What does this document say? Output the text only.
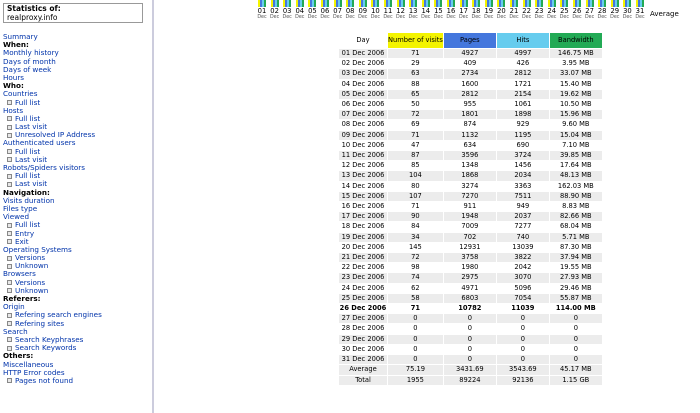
Statistics of:
realproxy.info
Summary
When:
Monthly history
Days of month
Days of week
Hours
Who:
Countries
Full list
Hosts
Full list
Last visit
Unresolved IP Address
Authenticated users
Full list
Last visit
Robots/Spiders visitors
Full list
Last visit
Navigation:
Visits duration
Files type
Viewed
Full list
Entry
Exit
Operating Systems
Versions
Unknown
Browsers
Versions
Unknown
Referers:
Origin
Refering search engines
Refering sites
Search
Search Keyphrases
Search Keywords
Others:
Miscellaneous
HTTP Error codes
Pages not found
01
Dec
02
Dec
03
Dec
04
Dec
05
Dec
06
Dec
07
Dec
08
Dec
09
Dec
10
Dec
11
Dec
12
Dec
13
Dec
14
Dec
15
Dec
16
Dec
17
Dec
18
Dec
19
Dec
20
Dec
21
Dec
22
Dec
23
Dec
24
Dec
25
Dec
26
Dec
27
Dec
28
Dec
29
Dec
30
Dec
31
Dec Average
Day	Number of visits	Pages	Hits	Bandwidth
01 Dec 2006	71	4927	4997	146.75 MB
02 Dec 2006	29	409	426	3.95 MB
03 Dec 2006	63	2734	2812	33.07 MB
04 Dec 2006	88	1600	1721	15.40 MB
05 Dec 2006	65	2812	2154	19.62 MB
06 Dec 2006	50	955	1061	10.50 MB
07 Dec 2006	72	1801	1898	15.96 MB
08 Dec 2006	69	874	929	9.60 MB
09 Dec 2006	71	1132	1195	15.04 MB
10 Dec 2006	47	634	690	7.10 MB
11 Dec 2006	87	3596	3724	39.85 MB
12 Dec 2006	85	1348	1456	17.64 MB
13 Dec 2006	104	1868	2034	48.13 MB
14 Dec 2006	80	3274	3363	162.03 MB
15 Dec 2006	107	7270	7511	88.90 MB
16 Dec 2006	71	911	949	8.83 MB
17 Dec 2006	90	1948	2037	82.66 MB
18 Dec 2006	84	7009	7277	68.04 MB
19 Dec 2006	34	702	740	5.71 MB
20 Dec 2006	145	12931	13039	87.30 MB
21 Dec 2006	72	3758	3822	37.94 MB
22 Dec 2006	98	1980	2042	19.55 MB
23 Dec 2006	74	2975	3070	27.93 MB
24 Dec 2006	62	4971	5096	29.46 MB
25 Dec 2006	58	6803	7054	55.87 MB
26 Dec 2006	71	10782	11039	114.00 MB
27 Dec 2006	0	0	0	0
28 Dec 2006	0	0	0	0
29 Dec 2006	0	0	0	0
30 Dec 2006	0	0	0	0
31 Dec 2006	0	0	0	0
Average	75.19	3431.69	3543.69	45.17 MB
Total	1955	89224	92136	1.15 GB
